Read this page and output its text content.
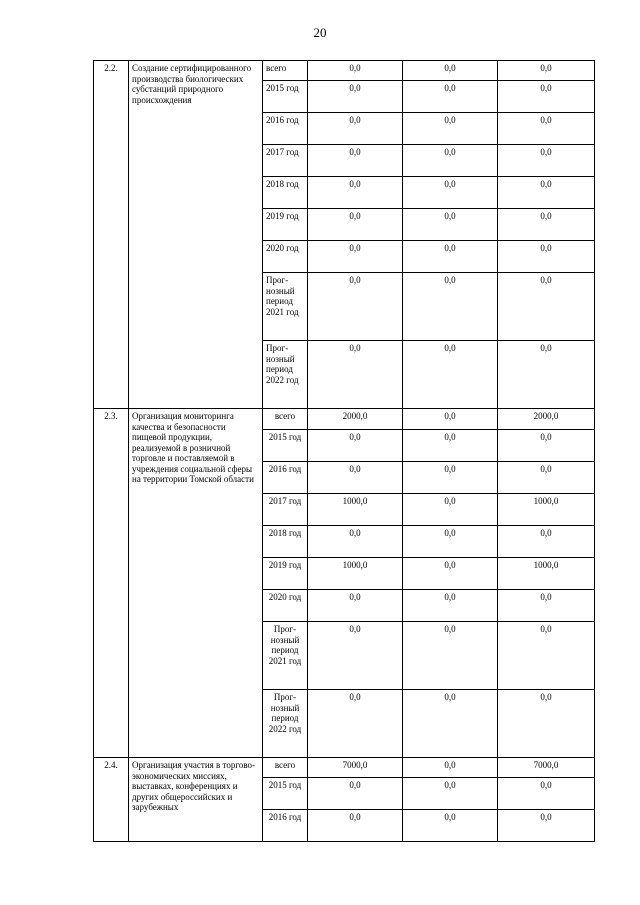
20
2.2.	Создание сертифицированного производства биологических субстанций природного происхождения	всего	0,0	0,0	0,0
		2015 год	0,0	0,0	0,0
		2016 год	0,0	0,0	0,0
		2017 год	0,0	0,0	0,0
		2018 год	0,0	0,0	0,0
		2019 год	0,0	0,0	0,0
		2020 год	0,0	0,0	0,0
		Прог-нозный период 2021 год	0,0	0,0	0,0
		Прог-нозный период 2022 год	0,0	0,0	0,0
2.3.	Организация мониторинга качества и безопасности пищевой продукции, реализуемой в розничной торговле и поставляемой в учреждения социальной сферы на территории Томской области	всего	2000,0	0,0	2000,0
		2015 год	0,0	0,0	0,0
		2016 год	0,0	0,0	0,0
		2017 год	1000,0	0,0	1000,0
		2018 год	0,0	0,0	0,0
		2019 год	1000,0	0,0	1000,0
		2020 год	0,0	0,0	0,0
		Прог-нозный период 2021 год	0,0	0,0	0,0
		Прог-нозный период 2022 год	0,0	0,0	0,0
2.4.	Организация участия в торгово-экономических миссиях, выставках, конференциях и других общероссийских и зарубежных	всего	7000,0	0,0	7000,0
		2015 год	0,0	0,0	0,0
		2016 год	0,0	0,0	0,0
